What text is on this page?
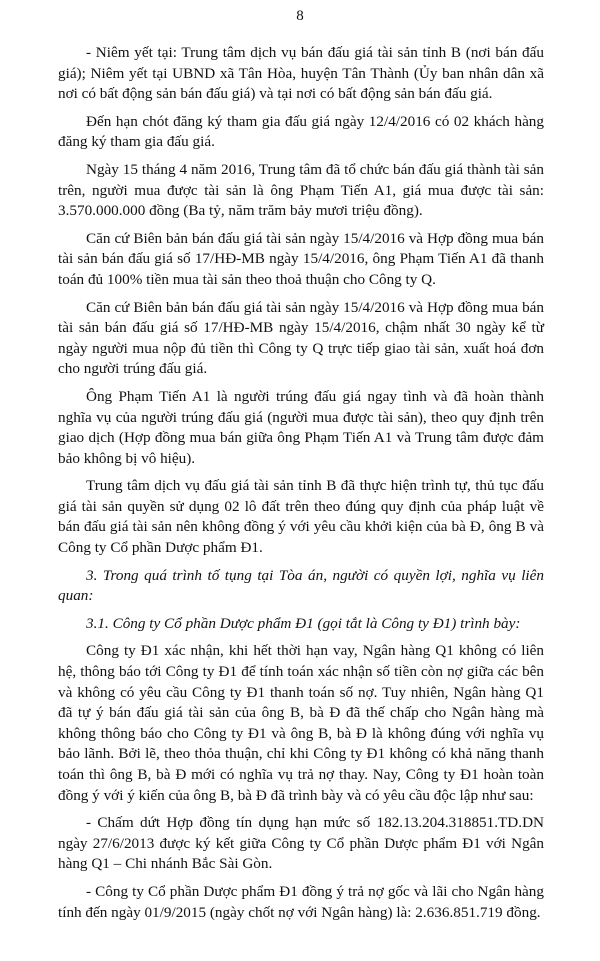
8

- Niêm yết tại: Trung tâm dịch vụ bán đấu giá tài sản tỉnh B (nơi bán đấu giá); Niêm yết tại UBND xã Tân Hòa, huyện Tân Thành (Ủy ban nhân dân xã nơi có bất động sản bán đấu giá) và tại nơi có bất động sản bán đấu giá.

Đến hạn chót đăng ký tham gia đấu giá ngày 12/4/2016 có 02 khách hàng đăng ký tham gia đấu giá.

Ngày 15 tháng 4 năm 2016, Trung tâm đã tổ chức bán đấu giá thành tài sản trên, người mua được tài sản là ông Phạm Tiến A1, giá mua được tài sản: 3.570.000.000 đồng (Ba tỷ, năm trăm bảy mươi triệu đồng).

Căn cứ Biên bản bán đấu giá tài sản ngày 15/4/2016 và Hợp đồng mua bán tài sản bán đấu giá số 17/HĐ-MB ngày 15/4/2016, ông Phạm Tiến A1 đã thanh toán đủ 100% tiền mua tài sản theo thoả thuận cho Công ty Q.

Căn cứ Biên bản bán đấu giá tài sản ngày 15/4/2016 và Hợp đồng mua bán tài sản bán đấu giá số 17/HĐ-MB ngày 15/4/2016, chậm nhất 30 ngày kể từ ngày người mua nộp đủ tiền thì Công ty Q trực tiếp giao tài sản, xuất hoá đơn cho người trúng đấu giá.

Ông Phạm Tiến A1 là người trúng đấu giá ngay tình và đã hoàn thành nghĩa vụ của người trúng đấu giá (người mua được tài sản), theo quy định trên giao dịch (Hợp đồng mua bán giữa ông Phạm Tiến A1 và Trung tâm được đảm bảo không bị vô hiệu).

Trung tâm dịch vụ đấu giá tài sản tỉnh B đã thực hiện trình tự, thủ tục đấu giá tài sản quyền sử dụng 02 lô đất trên theo đúng quy định của pháp luật về bán đấu giá tài sản nên không đồng ý với yêu cầu khởi kiện của bà Đ, ông B và Công ty Cổ phần Dược phẩm Đ1.

3. Trong quá trình tố tụng tại Tòa án, người có quyền lợi, nghĩa vụ liên quan:

3.1. Công ty Cổ phần Dược phẩm Đ1 (gọi tắt là Công ty Đ1) trình bày:

Công ty Đ1 xác nhận, khi hết thời hạn vay, Ngân hàng Q1 không có liên hệ, thông báo tới Công ty Đ1 để tính toán xác nhận số tiền còn nợ giữa các bên và không có yêu cầu Công ty Đ1 thanh toán số nợ. Tuy nhiên, Ngân hàng Q1 đã tự ý bán đấu giá tài sản của ông B, bà Đ đã thế chấp cho Ngân hàng mà không thông báo cho Công ty Đ1 và ông B, bà Đ là không đúng với nghĩa vụ bảo lãnh. Bởi lẽ, theo thỏa thuận, chỉ khi Công ty Đ1 không có khả năng thanh toán thì ông B, bà Đ mới có nghĩa vụ trả nợ thay. Nay, Công ty Đ1 hoàn toàn đồng ý với ý kiến của ông B, bà Đ đã trình bày và có yêu cầu độc lập như sau:

- Chấm dứt Hợp đồng tín dụng hạn mức số 182.13.204.318851.TD.DN ngày 27/6/2013 được ký kết giữa Công ty Cổ phần Dược phẩm Đ1 với Ngân hàng Q1 – Chi nhánh Bắc Sài Gòn.

- Công ty Cổ phần Dược phẩm Đ1 đồng ý trả nợ gốc và lãi cho Ngân hàng tính đến ngày 01/9/2015 (ngày chốt nợ với Ngân hàng) là: 2.636.851.719 đồng.
